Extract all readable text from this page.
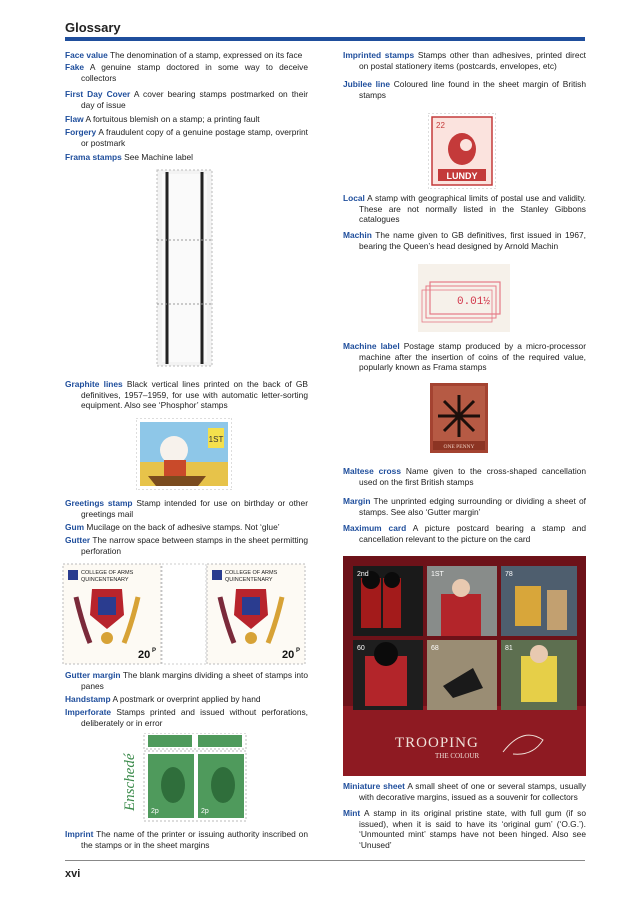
Glossary
Face value The denomination of a stamp, expressed on its face
Fake A genuine stamp doctored in some way to deceive collectors
First Day Cover A cover bearing stamps postmarked on their day of issue
Flaw A fortuitous blemish on a stamp; a printing fault
Forgery A fraudulent copy of a genuine postage stamp, overprint or postmark
Frama stamps See Machine label
Graphite lines Black vertical lines printed on the back of GB definitives, 1957–1959, for use with automatic letter-sorting equipment. Also see ‘Phosphor’ stamps
1ST
Greetings stamp Stamp intended for use on birthday or other greetings mail
Gum Mucilage on the back of adhesive stamps. Not ‘glue’
Gutter The narrow space between stamps in the sheet permitting perforation
COLLEGE OF ARMS
QUINCENTENARY
20 P
COLLEGE OF ARMS
QUINCENTENARY
20 P
Gutter margin The blank margins dividing a sheet of stamps into panes
Handstamp A postmark or overprint applied by hand
Imperforate Stamps printed and issued without perforations, deliberately or in error
Enschedé
2p	2p
Imprint The name of the printer or issuing authority inscribed on the stamps or in the sheet margins
Imprinted stamps Stamps other than adhesives, printed direct on postal stationery items (postcards, envelopes, etc)
Jubilee line Coloured line found in the sheet margin of British stamps
22
LUNDY
Local A stamp with geographical limits of postal use and validity. These are not normally listed in the Stanley Gibbons catalogues
Machin The name given to GB definitives, first issued in 1967, bearing the Queen’s head designed by Arnold Machin
0.01½
Machine label Postage stamp produced by a micro-processor machine after the insertion of coins of the required value, popularly known as Frama stamps
ONE PENNY
Maltese cross Name given to the cross-shaped cancellation used on the first British stamps
Margin The unprinted edging surrounding or dividing a sheet of stamps. See also ‘Gutter margin’
Maximum card A picture postcard bearing a stamp and cancellation relevant to the picture on the card
2nd	1ST	78
60	68	81
TROOPING
THE COLOUR
Miniature sheet A small sheet of one or several stamps, usually with decorative margins, issued as a souvenir for collectors
Mint A stamp in its original pristine state, with full gum (if so issued), when it is said to have its ‘original gum’ (‘O.G.’). ‘Unmounted mint’ stamps have not been hinged. Also see ‘Unused’
xvi
